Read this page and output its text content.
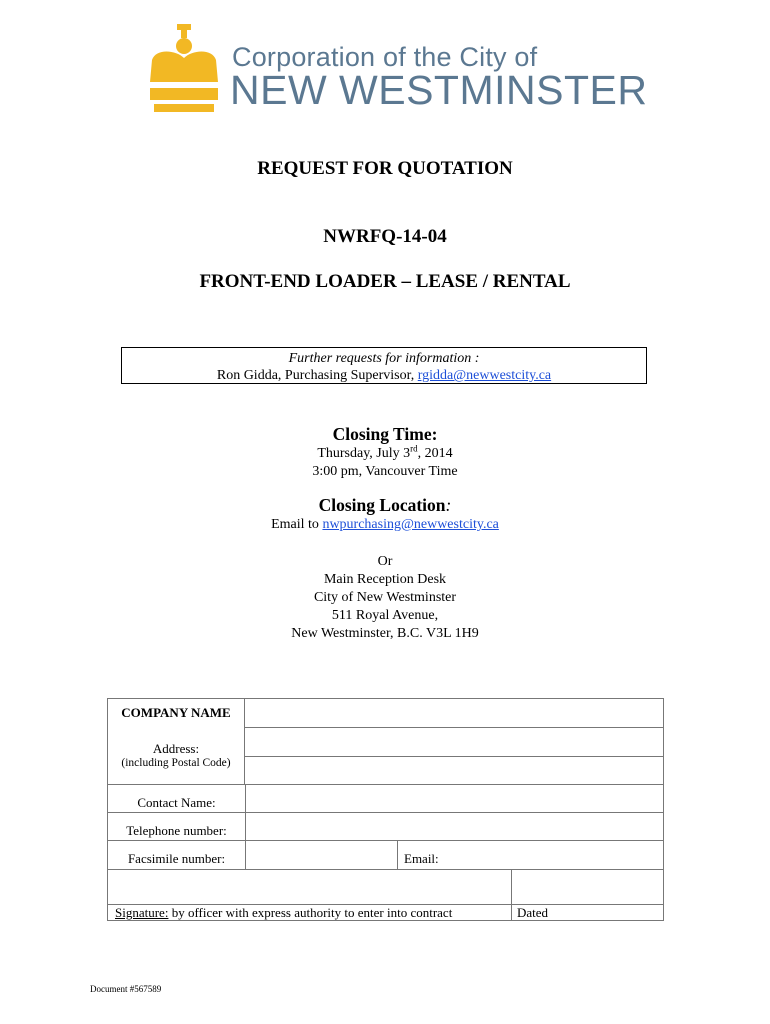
Corporation of the City of
NEW WESTMINSTER
REQUEST FOR QUOTATION
NWRFQ-14-04
FRONT-END LOADER – LEASE / RENTAL
Further requests for information :
Ron Gidda, Purchasing Supervisor, rgidda@newwestcity.ca
Closing Time:
Thursday, July 3rd, 2014
3:00 pm, Vancouver Time
Closing Location:
Email to nwpurchasing@newwestcity.ca
Or
Main Reception Desk
City of New Westminster
511 Royal Avenue,
New Westminster, B.C. V3L 1H9
COMPANY NAME	
Address:	
(including Postal Code)	

Contact Name:
Telephone number:
Facsimile number:	Email:
Signature: by officer with express authority to enter into contract	Dated
Document #567589
